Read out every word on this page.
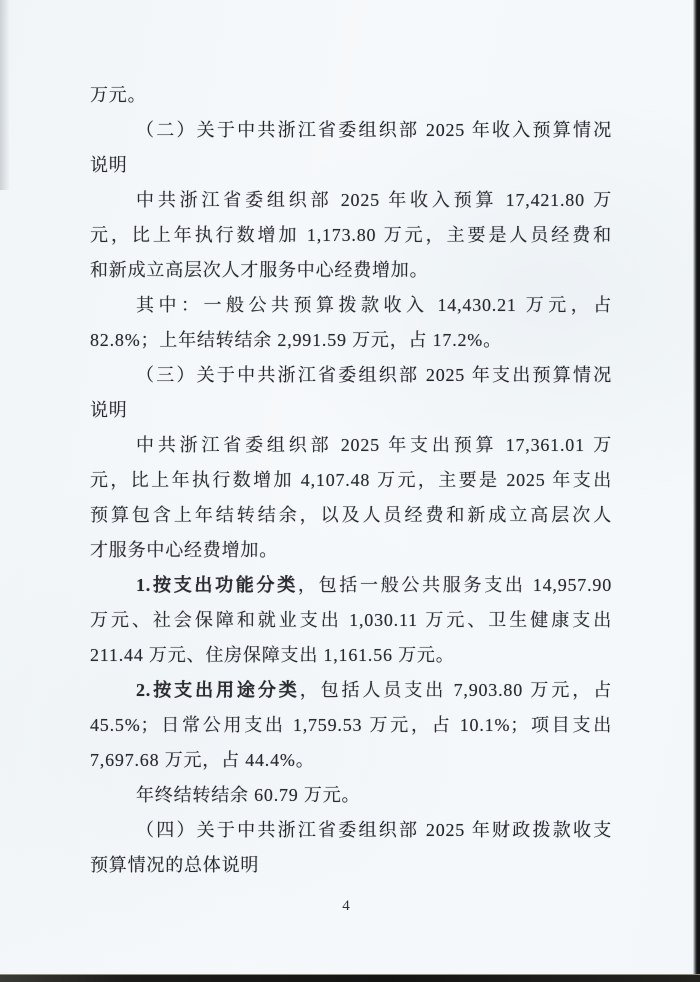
万元。
（二）关于中共浙江省委组织部 2025 年收入预算情况
说明
中共浙江省委组织部 2025 年收入预算 17,421.80 万
元，比上年执行数增加 1,173.80 万元，主要是人员经费和
和新成立高层次人才服务中心经费增加。
其中：一般公共预算拨款收入 14,430.21 万元，占
82.8%；上年结转结余 2,991.59 万元，占 17.2%。
（三）关于中共浙江省委组织部 2025 年支出预算情况
说明
中共浙江省委组织部 2025 年支出预算 17,361.01 万
元，比上年执行数增加 4,107.48 万元，主要是 2025 年支出
预算包含上年结转结余，以及人员经费和新成立高层次人
才服务中心经费增加。
1.按支出功能分类，包括一般公共服务支出 14,957.90
万元、社会保障和就业支出 1,030.11 万元、卫生健康支出
211.44 万元、住房保障支出 1,161.56 万元。
2.按支出用途分类，包括人员支出 7,903.80 万元，占
45.5%；日常公用支出 1,759.53 万元，占 10.1%；项目支出
7,697.68 万元，占 44.4%。
年终结转结余 60.79 万元。
（四）关于中共浙江省委组织部 2025 年财政拨款收支
预算情况的总体说明
4
